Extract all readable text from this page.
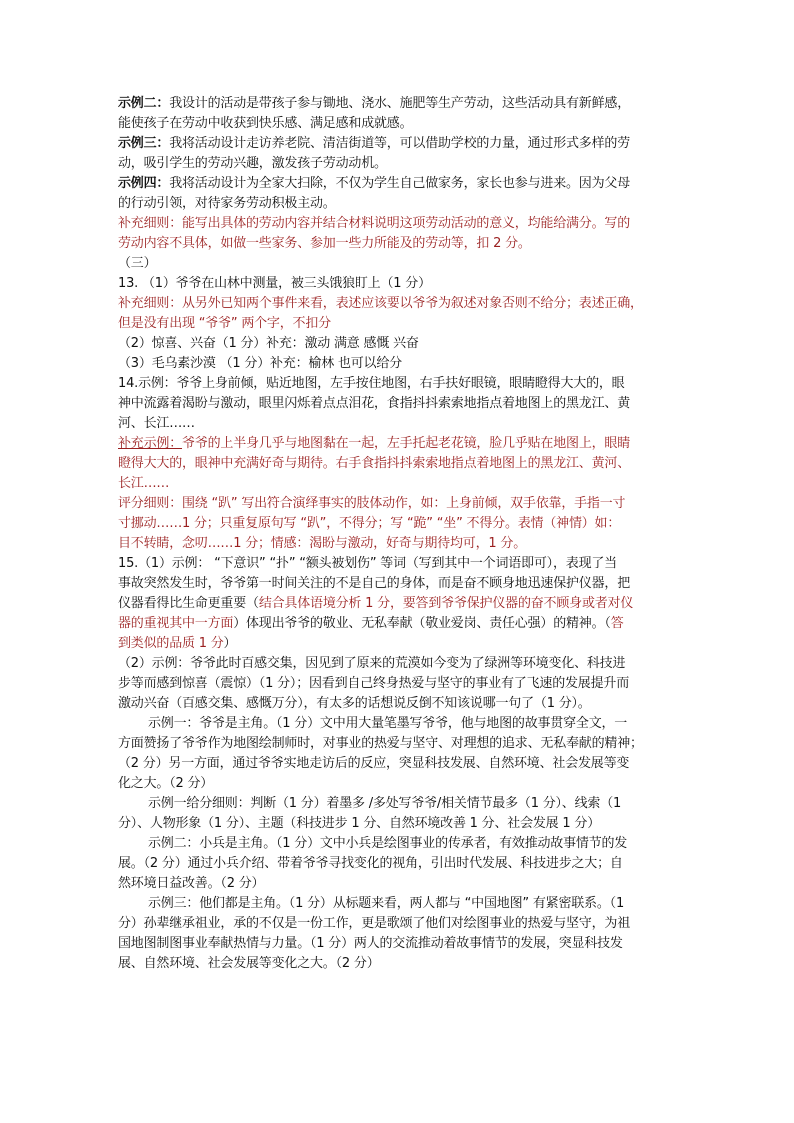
示例二：我设计的活动是带孩子参与锄地、浇水、施肥等生产劳动，这些活动具有新鲜感，
能使孩子在劳动中收获到快乐感、满足感和成就感。
示例三：我将活动设计走访养老院、清洁街道等，可以借助学校的力量，通过形式多样的劳
动，吸引学生的劳动兴趣，激发孩子劳动动机。
示例四：我将活动设计为全家大扫除，不仅为学生自己做家务，家长也参与进来。因为父母
的行动引领，对待家务劳动积极主动。
补充细则：能写出具体的劳动内容并结合材料说明这项劳动活动的意义，均能给满分。写的
劳动内容不具体，如做一些家务、参加一些力所能及的劳动等，扣 2 分。
（三）
13. （1）爷爷在山林中测量，被三头饿狼盯上（1 分）
补充细则：从另外已知两个事件来看，表述应该要以爷爷为叙述对象否则不给分；表述正确，
但是没有出现 “爷爷” 两个字，不扣分
（2）惊喜、兴奋（1 分）补充：激动 满意 感慨 兴奋
（3）毛乌素沙漠 （1 分）补充：榆林 也可以给分
14.示例：爷爷上身前倾，贴近地图，左手按住地图，右手扶好眼镜，眼睛瞪得大大的，眼
神中流露着渴盼与激动，眼里闪烁着点点泪花，食指抖抖索索地指点着地图上的黑龙江、黄
河、长江……
补充示例：爷爷的上半身几乎与地图黏在一起，左手托起老花镜，脸几乎贴在地图上，眼睛
瞪得大大的，眼神中充满好奇与期待。右手食指抖抖索索地指点着地图上的黑龙江、黄河、
长江……
评分细则：围绕 “趴” 写出符合演绎事实的肢体动作，如：上身前倾，双手依靠，手指一寸
寸挪动……1 分；只重复原句写 “趴”，不得分；写 “跪” “坐” 不得分。表情（神情）如：
目不转睛，念叨……1 分；情感：渴盼与激动，好奇与期待均可，1 分。
15.（1）示例： “下意识” “扑” “额头被划伤” 等词（写到其中一个词语即可），表现了当
事故突然发生时，爷爷第一时间关注的不是自己的身体，而是奋不顾身地迅速保护仪器，把
仪器看得比生命更重要（结合具体语境分析 1 分，要答到爷爷保护仪器的奋不顾身或者对仪
器的重视其中一方面）体现出爷爷的敬业、无私奉献（敬业爱岗、责任心强）的精神。（答
到类似的品质 1 分）
（2）示例：爷爷此时百感交集，因见到了原来的荒漠如今变为了绿洲等环境变化、科技进
步等而感到惊喜（震惊）（1 分）；因看到自己终身热爱与坚守的事业有了飞速的发展提升而
激动兴奋（百感交集、感慨万分），有太多的话想说反倒不知该说哪一句了（1 分）。
示例一：爷爷是主角。（1 分）文中用大量笔墨写爷爷，他与地图的故事贯穿全文，一
方面赞扬了爷爷作为地图绘制师时，对事业的热爱与坚守、对理想的追求、无私奉献的精神；
（2 分）另一方面，通过爷爷实地走访后的反应，突显科技发展、自然环境、社会发展等变
化之大。（2 分）
示例一给分细则：判断（1 分）着墨多 /多处写爷爷/相关情节最多（1 分）、线索（1
分）、人物形象（1 分）、主题（科技进步 1 分、自然环境改善 1 分、社会发展 1 分）
示例二：小兵是主角。（1 分）文中小兵是绘图事业的传承者，有效推动故事情节的发
展。（2 分）通过小兵介绍、带着爷爷寻找变化的视角，引出时代发展、科技进步之大；自
然环境日益改善。（2 分）
示例三：他们都是主角。（1 分）从标题来看，两人都与 “中国地图” 有紧密联系。（1
分）孙辈继承祖业，承的不仅是一份工作，更是歌颂了他们对绘图事业的热爱与坚守，为祖
国地图制图事业奉献热情与力量。（1 分）两人的交流推动着故事情节的发展，突显科技发
展、自然环境、社会发展等变化之大。（2 分）
